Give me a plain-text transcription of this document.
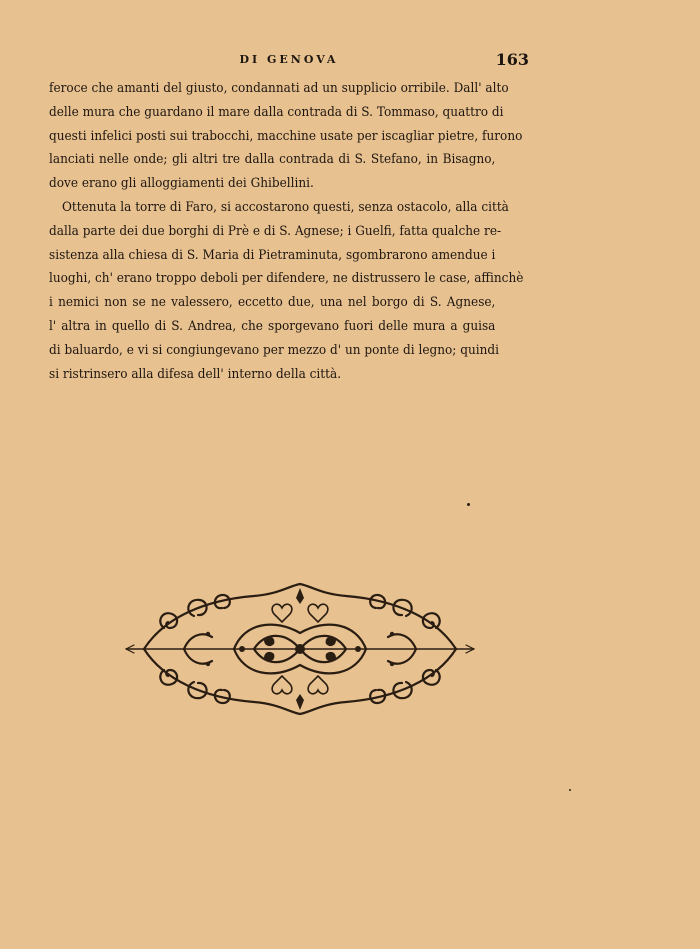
DI GENOVA	163

feroce che amanti del giusto, condannati ad un supplicio orribile. Dall' alto
delle mura che guardano il mare dalla contrada di S. Tommaso, quattro di
questi infelici posti sui trabocchi, macchine usate per iscagliar pietre, furono
lanciati nelle onde; gli altri tre dalla contrada di S. Stefano, in Bisagno,
dove erano gli alloggiamenti dei Ghibellini.

Ottenuta la torre di Faro, si accostarono questi, senza ostacolo, alla città
dalla parte dei due borghi di Prè e di S. Agnese; i Guelfi, fatta qualche re-
sistenza alla chiesa di S. Maria di Pietraminuta, sgombrarono amendue i
luoghi, ch' erano troppo deboli per difendere, ne distrussero le case, affinchè
i nemici non se ne valessero, eccetto due, una nel borgo di S. Agnese,
l' altra in quello di S. Andrea, che sporgevano fuori delle mura a guisa
di baluardo, e vi si congiungevano per mezzo d' un ponte di legno; quindi
si ristrinsero alla difesa dell' interno della città.
